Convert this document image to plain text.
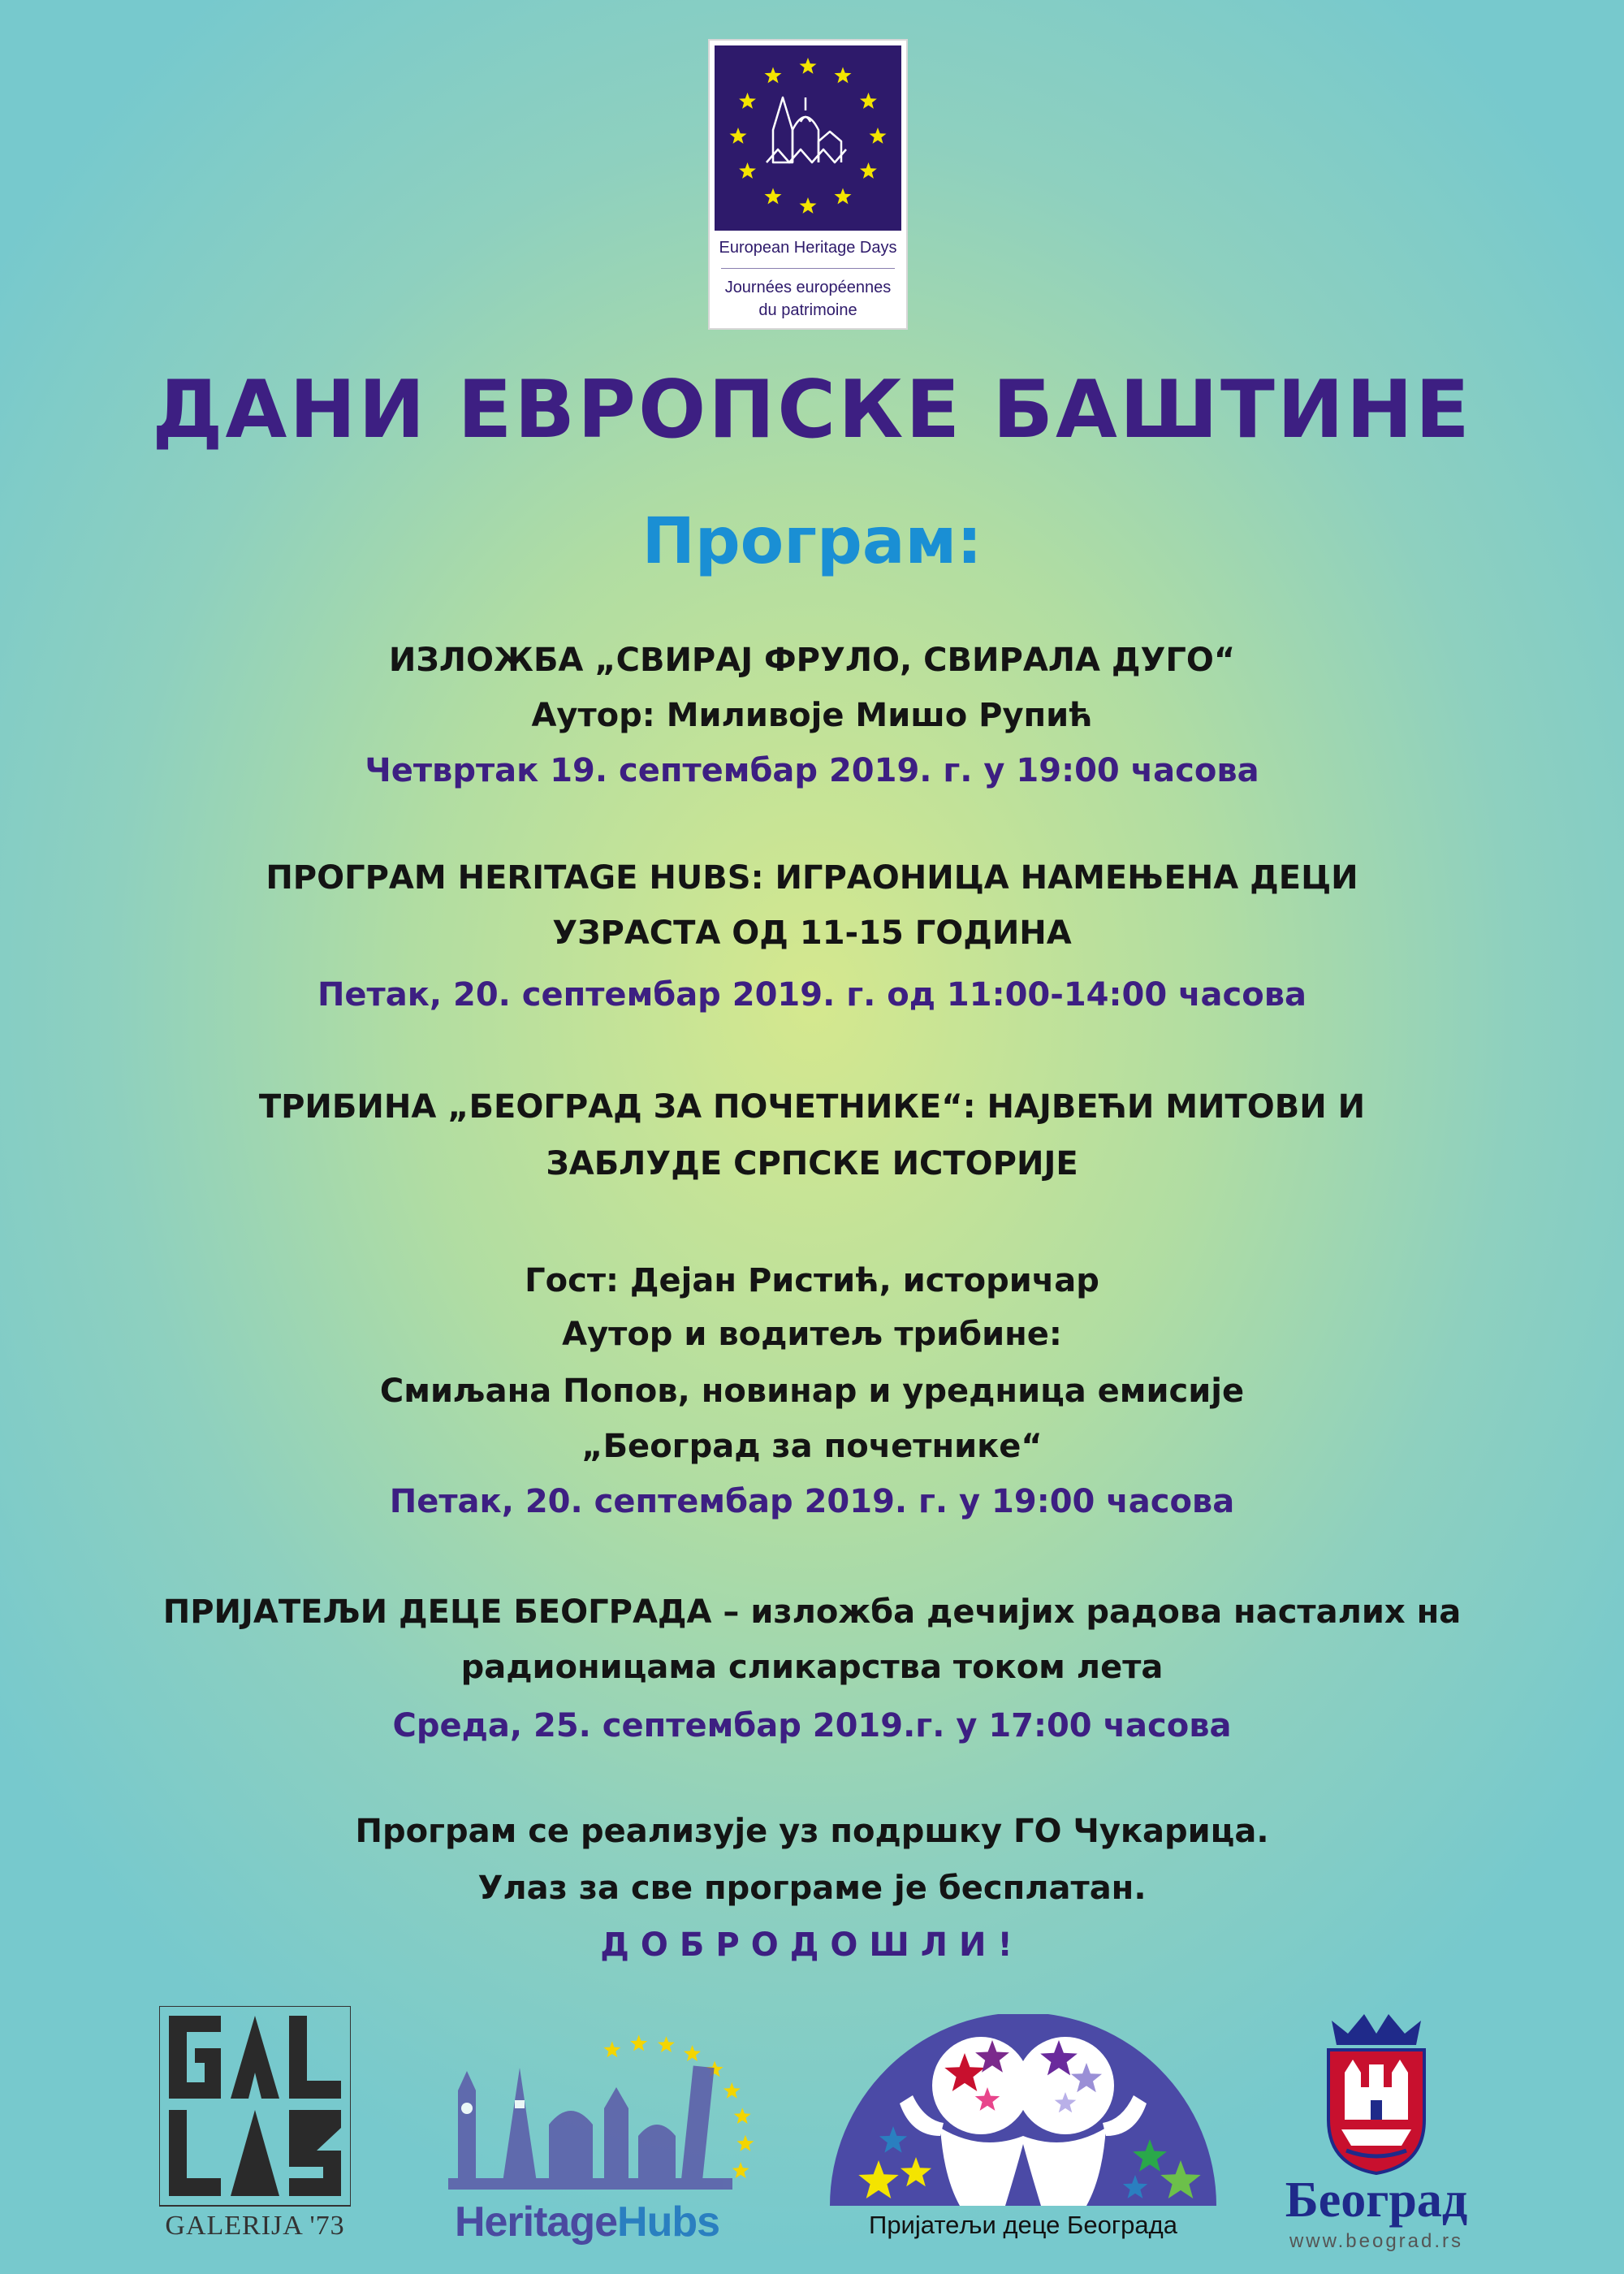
European Heritage Days
Journées européennes
du patrimoine
ДАНИ ЕВРОПСКЕ БАШТИНЕ
Програм:
ИЗЛОЖБА „СВИРАЈ ФРУЛО, СВИРАЛА ДУГО“
Аутор: Миливоје Мишо Рупић
Четвртак 19. септембар 2019. г. у 19:00 часова
ПРОГРАМ HERITAGE HUBS: ИГРАОНИЦА НАМЕЊЕНА ДЕЦИ
УЗРАСТА ОД 11-15 ГОДИНА
Петак, 20. септембар 2019. г. од 11:00-14:00 часова
ТРИБИНА „БЕОГРАД ЗА ПОЧЕТНИКЕ“: НАЈВЕЋИ МИТОВИ И
ЗАБЛУДЕ СРПСКЕ ИСТОРИЈЕ
Гост: Дејан Ристић, историчар
Аутор и водитељ трибине:
Смиљана Попов, новинар и уредница емисије
„Београд за почетнике“
Петак, 20. септембар 2019. г. у 19:00 часова
ПРИЈАТЕЉИ ДЕЦЕ БЕОГРАДА – изложба дечијих радова насталих на
радионицама сликарства током лета
Среда, 25. септембар 2019.г. у 17:00 часова
Програм се реализује уз подршку ГО Чукарица.
Улаз за све програме је бесплатан.
ДОБРОДОШЛИ!
GALERIJA '73	HeritageHubs	Пријатељи деце Београда	Београд
www.beograd.rs
